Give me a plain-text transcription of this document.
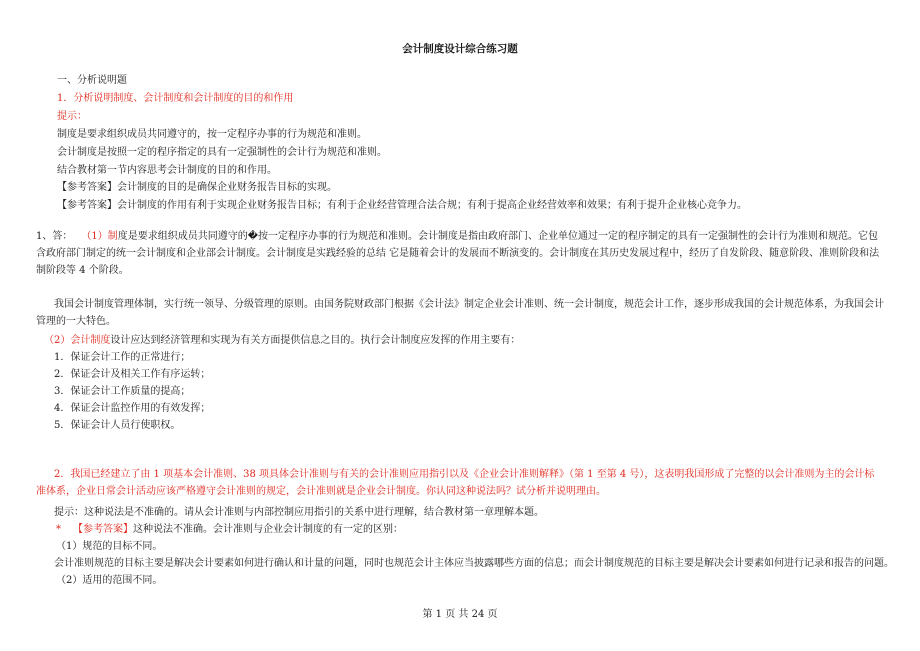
会计制度设计综合练习题
一、分析说明题
1．分析说明制度、会计制度和会计制度的目的和作用
提示：
制度是要求组织成员共同遵守的，按一定程序办事的行为规范和准则。
会计制度是按照一定的程序指定的具有一定强制性的会计行为规范和准则。
结合教材第一节内容思考会计制度的目的和作用。
【参考答案】会计制度的目的是确保企业财务报告目标的实现。
【参考答案】会计制度的作用有利于实现企业财务报告目标；有利于企业经营管理合法合规；有利于提高企业经营效率和效果；有利于提升企业核心竞争力。
1、答： （1）制度是要求组织成员共同遵守的�按一定程序办事的行为规范和准则。会计制度是指由政府部门、企业单位通过一定的程序制定的具有一定强制性的会计行为准则和规范。它包含政府部门制定的统一会计制度和企业部会计制度。会计制度是实践经验的总结 它是随着会计的发展而不断演变的。会计制度在其历史发展过程中，经历了自发阶段、随意阶段、准则阶段和法制阶段等 4 个阶段。
我国会计制度管理体制，实行统一领导、分级管理的原则。由国务院财政部门根据《会计法》制定企业会计准则、统一会计制度，规范会计工作，逐步形成我国的会计规范体系，为我国会计管理的一大特色。
（2）会计制度设计应达到经济管理和实现为有关方面提供信息之目的。执行会计制度应发挥的作用主要有：
1．保证会计工作的正常进行；
2．保证会计及相关工作有序运转；
3．保证会计工作质量的提高；
4．保证会计监控作用的有效发挥；
5．保证会计人员行使职权。
2．我国已经建立了由 1 项基本会计准则、38 项具体会计准则与有关的会计准则应用指引以及《企业会计准则解释》（第 1 至第 4 号），这表明我国形成了完整的以会计准则为主的会计标准体系，企业日常会计活动应该严格遵守会计准则的规定，会计准则就是企业会计制度。你认同这种说法吗？试分析并说明理由。
提示：这种说法是不准确的。请从会计准则与内部控制应用指引的关系中进行理解，结合教材第一章理解本题。
* 【参考答案】这种说法不准确。会计准则与企业会计制度的有一定的区别：
（1）规范的目标不同。
会计准则规范的目标主要是解决会计要素如何进行确认和计量的问题，同时也规范会计主体应当披露哪些方面的信息；而会计制度规范的目标主要是解决会计要素如何进行记录和报告的问题。
（2）适用的范围不同。
第 1 页 共 24 页
